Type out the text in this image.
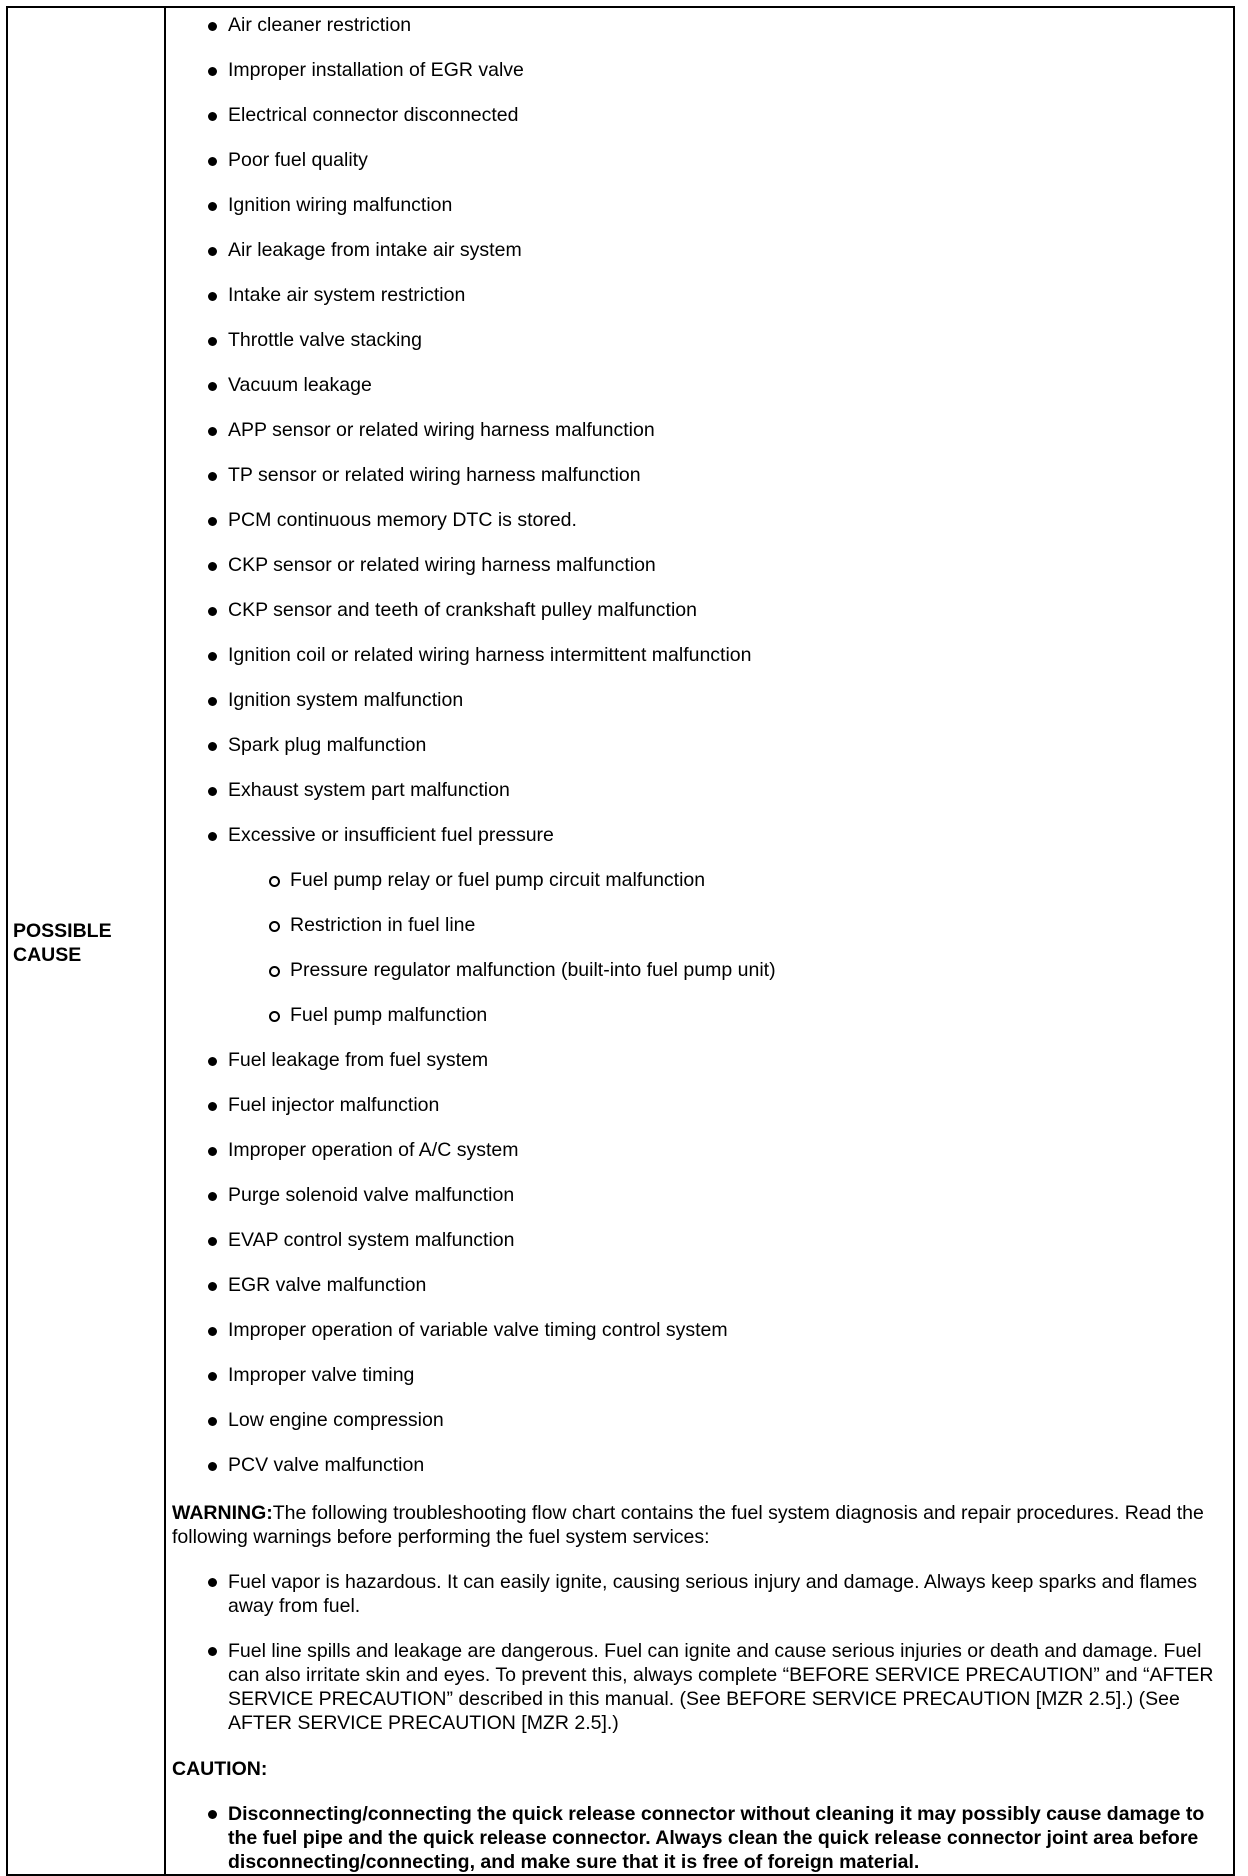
POSSIBLE
CAUSE
Air cleaner restriction
Improper installation of EGR valve
Electrical connector disconnected
Poor fuel quality
Ignition wiring malfunction
Air leakage from intake air system
Intake air system restriction
Throttle valve stacking
Vacuum leakage
APP sensor or related wiring harness malfunction
TP sensor or related wiring harness malfunction
PCM continuous memory DTC is stored.
CKP sensor or related wiring harness malfunction
CKP sensor and teeth of crankshaft pulley malfunction
Ignition coil or related wiring harness intermittent malfunction
Ignition system malfunction
Spark plug malfunction
Exhaust system part malfunction
Excessive or insufficient fuel pressure
Fuel pump relay or fuel pump circuit malfunction
Restriction in fuel line
Pressure regulator malfunction (built-into fuel pump unit)
Fuel pump malfunction
Fuel leakage from fuel system
Fuel injector malfunction
Improper operation of A/C system
Purge solenoid valve malfunction
EVAP control system malfunction
EGR valve malfunction
Improper operation of variable valve timing control system
Improper valve timing
Low engine compression
PCV valve malfunction
WARNING:The following troubleshooting flow chart contains the fuel system diagnosis and repair procedures. Read the following warnings before performing the fuel system services:
Fuel vapor is hazardous. It can easily ignite, causing serious injury and damage. Always keep sparks and flames away from fuel.
Fuel line spills and leakage are dangerous. Fuel can ignite and cause serious injuries or death and damage. Fuel can also irritate skin and eyes. To prevent this, always complete “BEFORE SERVICE PRECAUTION” and “AFTER SERVICE PRECAUTION” described in this manual. (See BEFORE SERVICE PRECAUTION [MZR 2.5].) (See AFTER SERVICE PRECAUTION [MZR 2.5].)
CAUTION:
Disconnecting/connecting the quick release connector without cleaning it may possibly cause damage to the fuel pipe and the quick release connector. Always clean the quick release connector joint area before disconnecting/connecting, and make sure that it is free of foreign material.
